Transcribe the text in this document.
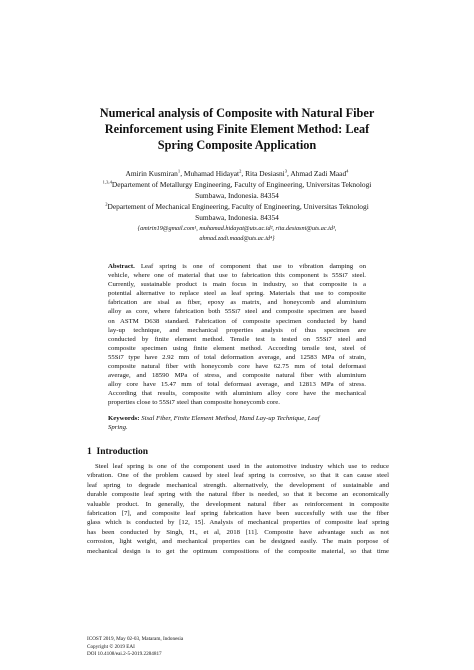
Numerical analysis of Composite with Natural Fiber
Reinforcement using Finite Element Method: Leaf
Spring Composite Application
Amirin Kusmiran$^1$, Muhamad Hidayat$^2$, Rita Desiasni$^3$, Ahmad Zadi Maad$^4$
$^{1,3,4}$Departement of Metallurgy Engineering, Faculty of Engineering, Universitas Teknologi
Sumbawa, Indonesia. 84354
$^2$Departement of Mechanical Engineering, Faculty of Engineering, Universitas Teknologi
Sumbawa, Indonesia. 84354
{amirin19@gmail.com¹, muhamad.hidayat@uts.ac.id², rita.desiasni@uts.ac.id³,
ahmad.zadi.maad@uts.ac.id⁴}
Abstract. Leaf spring is one of component that use to vibration damping on
vehicle, where one of material that use to fabrication this component is 55Si7 steel.
Currently, sustainable product is main focus in industry, so that composite is a
potential alternative to replace steel as leaf spring. Materials that use to composite
fabrication are sisal as fiber, epoxy as matrix, and honeycomb and aluminium
alloy as core, where fabrication both 55Si7 steel and composite specimen are based
on ASTM D638 standard. Fabrication of composite specimen conducted by hand
lay-up technique, and mechanical properties analysis of thus specimen are
conducted by finite element method. Tensile test is tested on 55Si7 steel and
composite specimen using finite element method. According tensile test, steel of
55Si7 type have 2.92 mm of total deformation average, and 12583 MPa of strain,
composite natural fiber with honeycomb core have 62.75 mm of total deformasi
average, and 18590 MPa of stress, and composite natural fiber with aluminium
alloy core have 15.47 mm of total deformasi average, and 12813 MPa of stress.
According that results, composite with aluminium alloy core have the mechanical
properties close to 55Si7 steel than composite honeycomb core.
Keywords: Sisal Fiber, Finite Element Method, Hand Lay-up Technique, Leaf
Spring.
1 Introduction
Steel leaf spring is one of the component used in the automotive industry which use to reduce
vibration. One of the problem caused by steel leaf spring is corrosive, so that it can cause steel
leaf spring to degrade mechanical strength. alternatively, the development of sustainable and
durable composite leaf spring with the natural fiber is needed, so that it become an economically
valuable product. In generally, the development natural fiber as reinforcement in composite
fabrication [7], and composite leaf spring fabrication have been succesfully with use the fiber
glass which is conducted by [12, 15]. Analysis of mechanical properties of composite leaf spring
has been conducted by Singh, H., et al, 2018 [11]. Composite have advantage such as not
corrosion, light weight, and mechanical properties can be designed easily. The main porpose of
mechanical design is to get the optimum compositions of the composite material, so that time
ICOST 2019, May 02-03, Mataram, Indonesia
Copyright © 2019 EAI
DOI 10.4108/eai.2-5-2019.2284817
